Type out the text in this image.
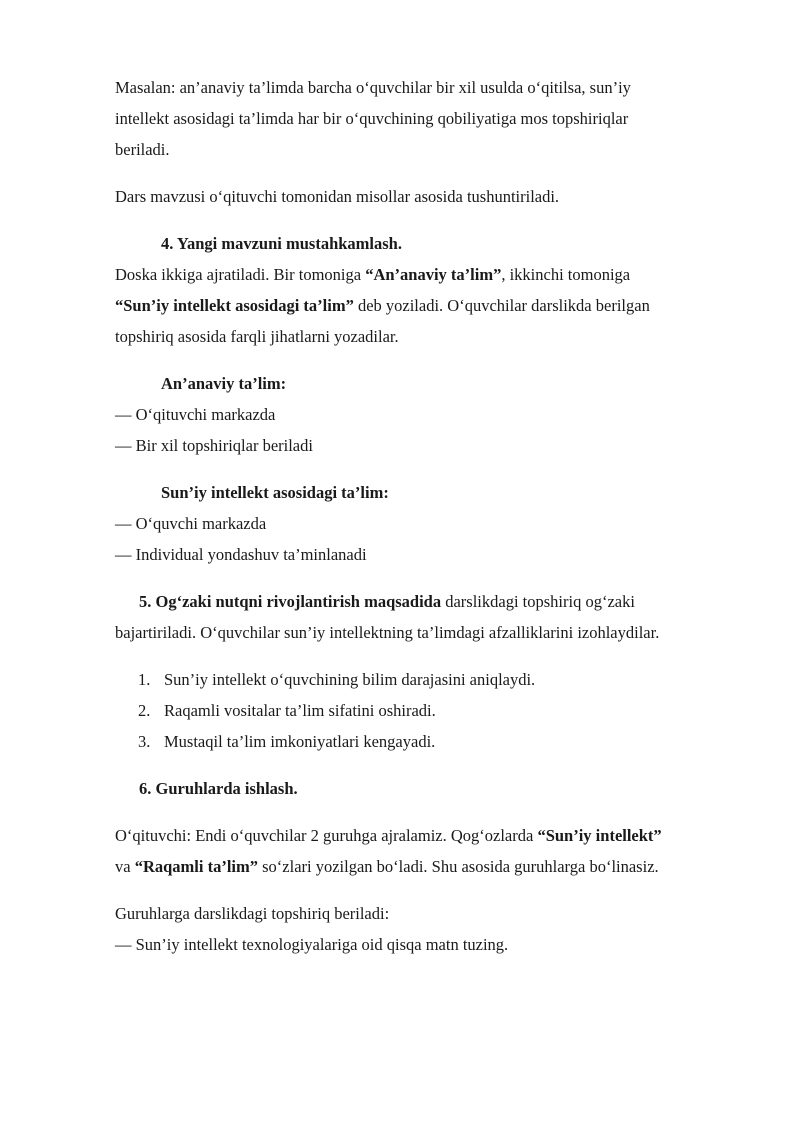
Masalan: an’anaviy ta’limda barcha o‘quvchilar bir xil usulda o‘qitilsa, sun’iy

intellekt asosidagi ta’limda har bir o‘quvchining qobiliyatiga mos topshiriqlar

beriladi.

Dars mavzusi o‘qituvchi tomonidan misollar asosida tushuntiriladi.

4. Yangi mavzuni mustahkamlash.

Doska ikkiga ajratiladi. Bir tomoniga “An’anaviy ta’lim”, ikkinchi tomoniga

“Sun’iy intellekt asosidagi ta’lim” deb yoziladi. O‘quvchilar darslikda berilgan

topshiriq asosida farqli jihatlarni yozadilar.

An’anaviy ta’lim:

— O‘qituvchi markazda

— Bir xil topshiriqlar beriladi

Sun’iy intellekt asosidagi ta’lim:

— O‘quvchi markazda

— Individual yondashuv ta’minlanadi

5. Og‘zaki nutqni rivojlantirish maqsadida darslikdagi topshiriq og‘zaki

bajartiriladi. O‘quvchilar sun’iy intellektning ta’limdagi afzalliklarini izohlaydilar.

1. Sun’iy intellekt o‘quvchining bilim darajasini aniqlaydi.

2. Raqamli vositalar ta’lim sifatini oshiradi.

3. Mustaqil ta’lim imkoniyatlari kengayadi.

6. Guruhlarda ishlash.

O‘qituvchi: Endi o‘quvchilar 2 guruhga ajralamiz. Qog‘ozlarda “Sun’iy intellekt”

va “Raqamli ta’lim” so‘zlari yozilgan bo‘ladi. Shu asosida guruhlarga bo‘linasiz.

Guruhlarga darslikdagi topshiriq beriladi:

— Sun’iy intellekt texnologiyalariga oid qisqa matn tuzing.
